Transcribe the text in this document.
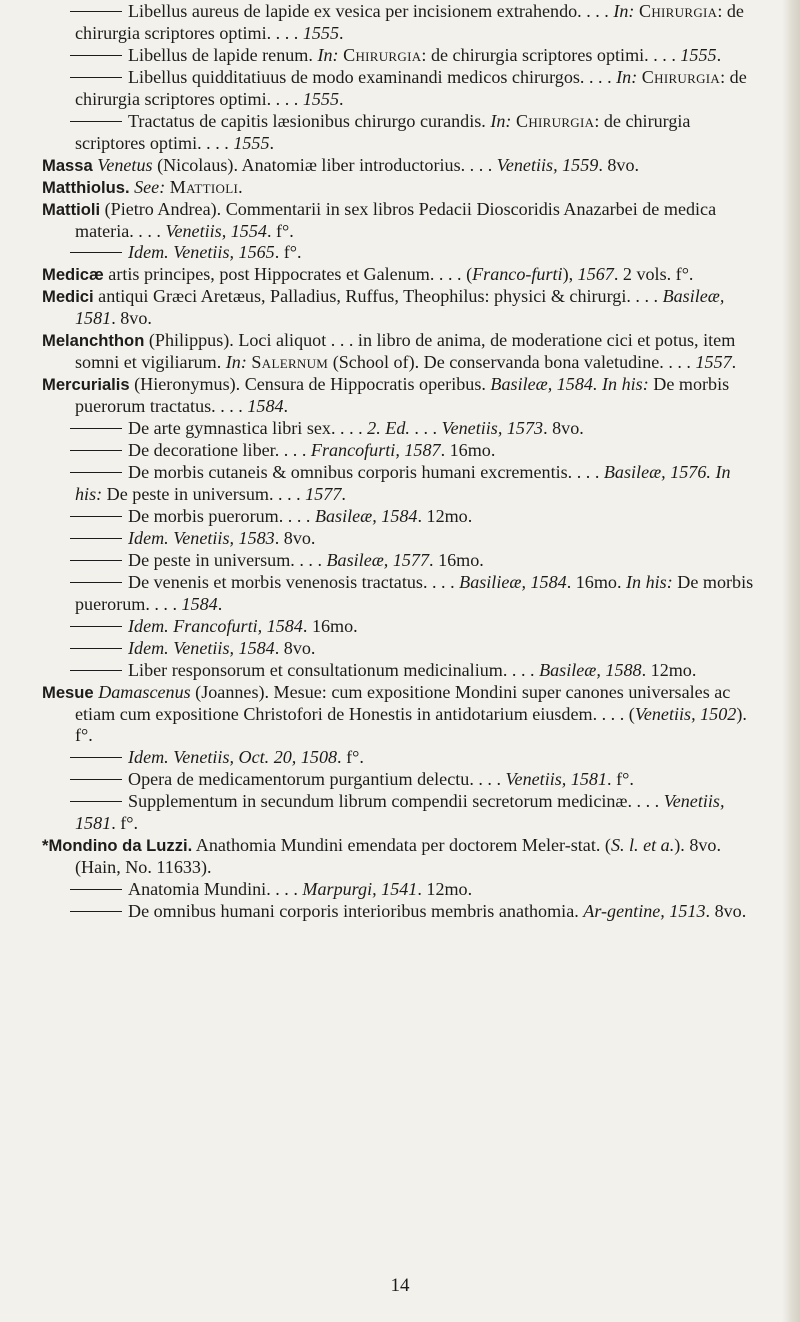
Libellus aureus de lapide ex vesica per incisionem extrahendo. . . . In: Chirurgia: de chirurgia scriptores optimi. . . . 1555.

Libellus de lapide renum. In: Chirurgia: de chirurgia scriptores optimi. . . . 1555.

Libellus quidditatiuus de modo examinandi medicos chirurgos. . . . In: Chirurgia: de chirurgia scriptores optimi. . . . 1555.

Tractatus de capitis læsionibus chirurgo curandis. In: Chirurgia: de chirurgia scriptores optimi. . . . 1555.

Massa Venetus (Nicolaus). Anatomiæ liber introductorius. . . . Venetiis, 1559. 8vo.

Matthiolus. See: Mattioli.

Mattioli (Pietro Andrea). Commentarii in sex libros Pedacii Dioscoridis Anazarbei de medica materia. . . . Venetiis, 1554. f°.

Idem. Venetiis, 1565. f°.

Medicæ artis principes, post Hippocrates et Galenum. . . . (Franco-furti), 1567. 2 vols. f°.

Medici antiqui Græci Aretæus, Palladius, Ruffus, Theophilus: physici & chirurgi. . . . Basileæ, 1581. 8vo.

Melanchthon (Philippus). Loci aliquot . . . in libro de anima, de moderatione cici et potus, item somni et vigiliarum. In: Salernum (School of). De conservanda bona valetudine. . . . 1557.

Mercurialis (Hieronymus). Censura de Hippocratis operibus. Basileæ, 1584. In his: De morbis puerorum tractatus. . . . 1584.

De arte gymnastica libri sex. . . . 2. Ed. . . . Venetiis, 1573. 8vo.

De decoratione liber. . . . Francofurti, 1587. 16mo.

De morbis cutaneis & omnibus corporis humani excrementis. . . . Basileæ, 1576. In his: De peste in universum. . . . 1577.

De morbis puerorum. . . . Basileæ, 1584. 12mo.

Idem. Venetiis, 1583. 8vo.

De peste in universum. . . . Basileæ, 1577. 16mo.

De venenis et morbis venenosis tractatus. . . . Basilieæ, 1584. 16mo. In his: De morbis puerorum. . . . 1584.

Idem. Francofurti, 1584. 16mo.

Idem. Venetiis, 1584. 8vo.

Liber responsorum et consultationum medicinalium. . . . Basileæ, 1588. 12mo.

Mesue Damascenus (Joannes). Mesue: cum expositione Mondini super canones universales ac etiam cum expositione Christofori de Honestis in antidotarium eiusdem. . . . (Venetiis, 1502). f°.

Idem. Venetiis, Oct. 20, 1508. f°.

Opera de medicamentorum purgantium delectu. . . . Venetiis, 1581. f°.

Supplementum in secundum librum compendii secretorum medicinæ. . . . Venetiis, 1581. f°.

*Mondino da Luzzi. Anathomia Mundini emendata per doctorem Meler-stat. (S. l. et a.). 8vo. (Hain, No. 11633).

Anatomia Mundini. . . . Marpurgi, 1541. 12mo.

De omnibus humani corporis interioribus membris anathomia. Ar-gentine, 1513. 8vo.

14
